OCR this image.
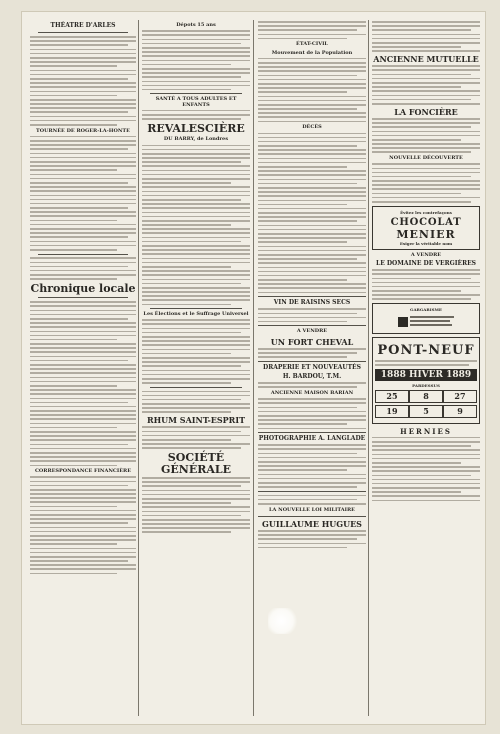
THÉATRE D'ARLES
TOURNÉE DE ROGER-LA-HONTE
Chronique locale
CORRESPONDANCE FINANCIÈRE
Dépots 15 ans
SANTÉ A TOUS ADULTES ET ENFANTS
REVALESCIÈRE
DU BARRY, de Londres
Les Élections et le Suffrage Universel
RHUM SAINT-ESPRIT
SOCIÉTÉ GÉNÉRALE
ÉTAT-CIVIL
Mouvement de la Population
DÉCÈS
VIN DE RAISINS SECS
A VENDRE
UN FORT CHEVAL
DRAPERIE ET NOUVEAUTÉS
H. BARDOU, T.M.
ANCIENNE MAISON BARIAN
PHOTOGRAPHIE A. LANGLADE
LA NOUVELLE LOI MILITAIRE
GUILLAUME HUGUES
ANCIENNE MUTUELLE
LA FONCIÈRE
NOUVELLE DÉCOUVERTE
Évitez les contrefaçons
CHOCOLAT
MENIER
Exiger la véritable nom
A VENDRE
LE DOMAINE DE VERGIÈRES
GARGARISME
PONT-NEUF
1888 HIVER 1889
PARDESSUS
25	8	27
19	5	9
HERNIES
